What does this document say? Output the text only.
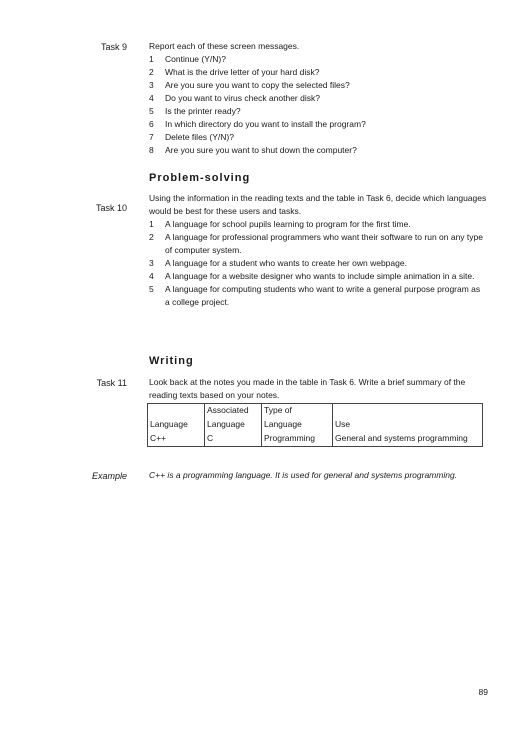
Task 9	Report each of these screen messages.
1	Continue (Y/N)?
2	What is the drive letter of your hard disk?
3	Are you sure you want to copy the selected files?
4	Do you want to virus check another disk?
5	Is the printer ready?
6	In which directory do you want to install the program?
7	Delete files (Y/N)?
8	Are you sure you want to shut down the computer?
Problem-solving
Task 10
Using the information in the reading texts and the table in Task 6, decide which languages would be best for these users and tasks.
1	A language for school pupils learning to program for the first time.
2	A language for professional programmers who want their software to run on any type of computer system.
3	A language for a student who wants to create her own webpage.
4	A language for a website designer who wants to include simple animation in a site.
5	A language for computing students who want to write a general purpose program as a college project.
Writing
Task 11	Look back at the notes you made in the table in Task 6. Write a brief summary of the reading texts based on your notes.
	Associated	Type of	
Language	Language	Language	Use
C++	C	Programming	General and systems programming
Example	C++ is a programming language. It is used for general and systems programming.
89
